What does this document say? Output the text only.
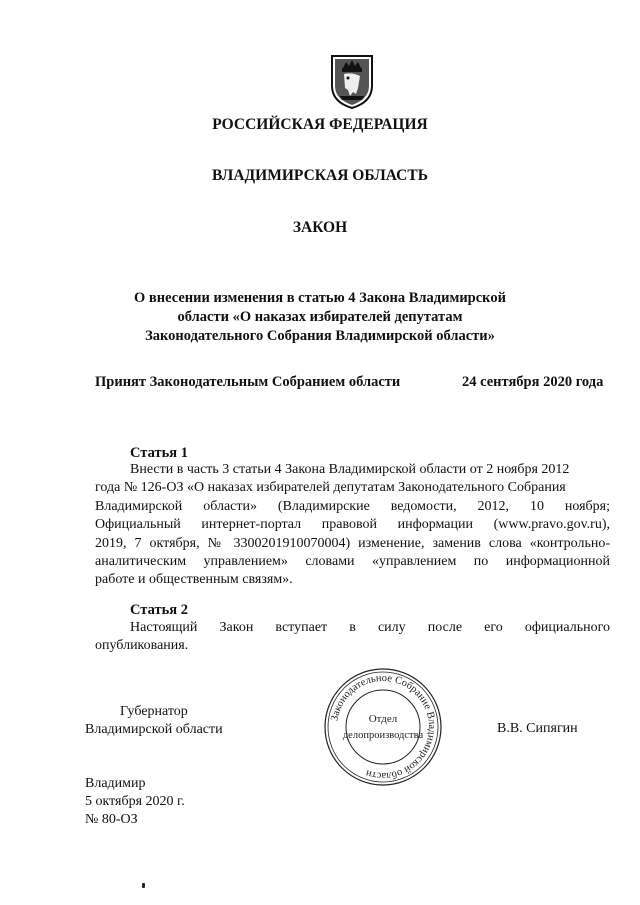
РОССИЙСКАЯ ФЕДЕРАЦИЯ
ВЛАДИМИРСКАЯ ОБЛАСТЬ
ЗАКОН
О внесении изменения в статью 4 Закона Владимирской
области «О наказах избирателей депутатам
Законодательного Собрания Владимирской области»
Принят Законодательным Собранием области	24 сентября 2020 года
Статья 1
Внести в часть 3 статьи 4 Закона Владимирской области от 2 ноября 2012
года № 126-ОЗ «О наказах избирателей депутатам Законодательного Собрания
Владимирской области» (Владимирские ведомости, 2012, 10 ноября;
Официальный интернет-портал правовой информации (www.pravo.gov.ru),
2019, 7 октября, № 3300201910070004) изменение, заменив слова «контрольно-
аналитическим управлением» словами «управлением по информационной
работе и общественным связям».
Статья 2
Настоящий Закон вступает в силу после его официального
опубликования.
Губернатор
Владимирской области	В.В. Сипягин
Законодательное Собрание Владимирской области
Отдел
делопроизводства
Владимир
5 октября 2020 г.
№ 80-ОЗ
